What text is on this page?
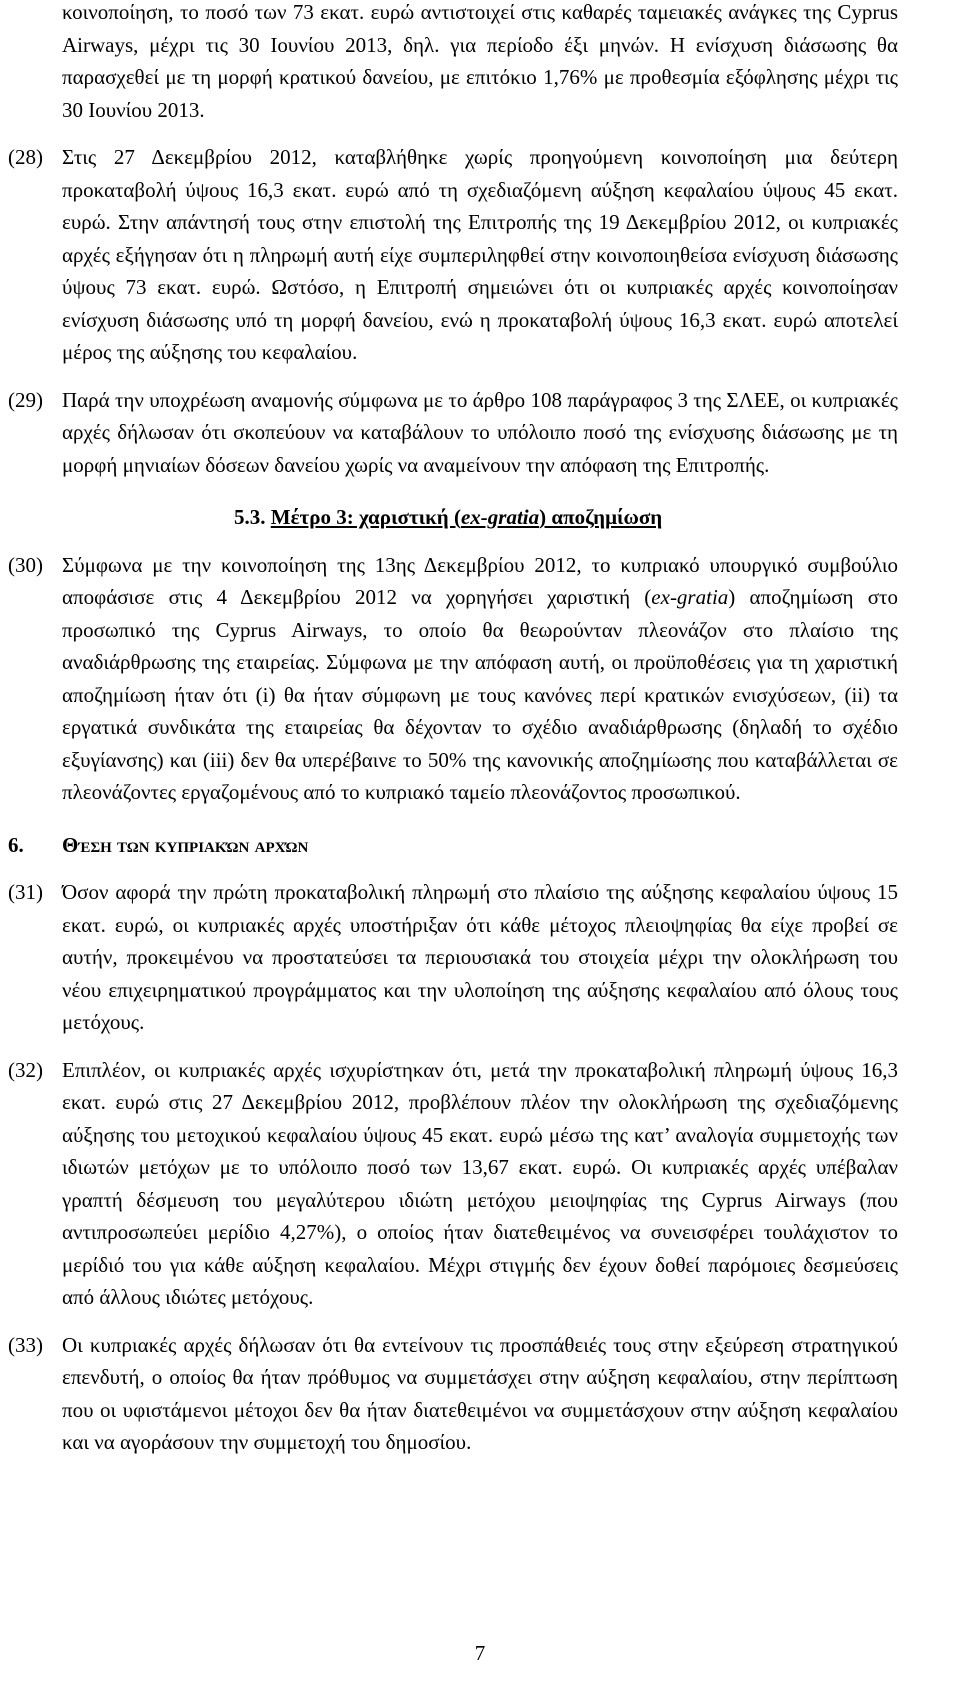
κοινοποίηση, το ποσό των 73 εκατ. ευρώ αντιστοιχεί στις καθαρές ταμειακές ανάγκες της Cyprus Airways, μέχρι τις 30 Ιουνίου 2013, δηλ. για περίοδο έξι μηνών. Η ενίσχυση διάσωσης θα παρασχεθεί με τη μορφή κρατικού δανείου, με επιτόκιο 1,76% με προθεσμία εξόφλησης μέχρι τις 30 Ιουνίου 2013.
(28) Στις 27 Δεκεμβρίου 2012, καταβλήθηκε χωρίς προηγούμενη κοινοποίηση μια δεύτερη προκαταβολή ύψους 16,3 εκατ. ευρώ από τη σχεδιαζόμενη αύξηση κεφαλαίου ύψους 45 εκατ. ευρώ. Στην απάντησή τους στην επιστολή της Επιτροπής της 19 Δεκεμβρίου 2012, οι κυπριακές αρχές εξήγησαν ότι η πληρωμή αυτή είχε συμπεριληφθεί στην κοινοποιηθείσα ενίσχυση διάσωσης ύψους 73 εκατ. ευρώ. Ωστόσο, η Επιτροπή σημειώνει ότι οι κυπριακές αρχές κοινοποίησαν ενίσχυση διάσωσης υπό τη μορφή δανείου, ενώ η προκαταβολή ύψους 16,3 εκατ. ευρώ αποτελεί μέρος της αύξησης του κεφαλαίου.
(29) Παρά την υποχρέωση αναμονής σύμφωνα με το άρθρο 108 παράγραφος 3 της ΣΛΕΕ, οι κυπριακές αρχές δήλωσαν ότι σκοπεύουν να καταβάλουν το υπόλοιπο ποσό της ενίσχυσης διάσωσης με τη μορφή μηνιαίων δόσεων δανείου χωρίς να αναμείνουν την απόφαση της Επιτροπής.
5.3. Μέτρο 3: χαριστική (ex-gratia) αποζημίωση
(30) Σύμφωνα με την κοινοποίηση της 13ης Δεκεμβρίου 2012, το κυπριακό υπουργικό συμβούλιο αποφάσισε στις 4 Δεκεμβρίου 2012 να χορηγήσει χαριστική (ex-gratia) αποζημίωση στο προσωπικό της Cyprus Airways, το οποίο θα θεωρούνταν πλεονάζον στο πλαίσιο της αναδιάρθρωσης της εταιρείας. Σύμφωνα με την απόφαση αυτή, οι προϋποθέσεις για τη χαριστική αποζημίωση ήταν ότι (i) θα ήταν σύμφωνη με τους κανόνες περί κρατικών ενισχύσεων, (ii) τα εργατικά συνδικάτα της εταιρείας θα δέχονταν το σχέδιο αναδιάρθρωσης (δηλαδή το σχέδιο εξυγίανσης) και (iii) δεν θα υπερέβαινε το 50% της κανονικής αποζημίωσης που καταβάλλεται σε πλεονάζοντες εργαζομένους από το κυπριακό ταμείο πλεονάζοντος προσωπικού.
6.	Θέση των κυπριακών αρχών
(31) Όσον αφορά την πρώτη προκαταβολική πληρωμή στο πλαίσιο της αύξησης κεφαλαίου ύψους 15 εκατ. ευρώ, οι κυπριακές αρχές υποστήριξαν ότι κάθε μέτοχος πλειοψηφίας θα είχε προβεί σε αυτήν, προκειμένου να προστατεύσει τα περιουσιακά του στοιχεία μέχρι την ολοκλήρωση του νέου επιχειρηματικού προγράμματος και την υλοποίηση της αύξησης κεφαλαίου από όλους τους μετόχους.
(32) Επιπλέον, οι κυπριακές αρχές ισχυρίστηκαν ότι, μετά την προκαταβολική πληρωμή ύψους 16,3 εκατ. ευρώ στις 27 Δεκεμβρίου 2012, προβλέπουν πλέον την ολοκλήρωση της σχεδιαζόμενης αύξησης του μετοχικού κεφαλαίου ύψους 45 εκατ. ευρώ μέσω της κατ’ αναλογία συμμετοχής των ιδιωτών μετόχων με το υπόλοιπο ποσό των 13,67 εκατ. ευρώ. Οι κυπριακές αρχές υπέβαλαν γραπτή δέσμευση του μεγαλύτερου ιδιώτη μετόχου μειοψηφίας της Cyprus Airways (που αντιπροσωπεύει μερίδιο 4,27%), ο οποίος ήταν διατεθειμένος να συνεισφέρει τουλάχιστον το μερίδιό του για κάθε αύξηση κεφαλαίου. Μέχρι στιγμής δεν έχουν δοθεί παρόμοιες δεσμεύσεις από άλλους ιδιώτες μετόχους.
(33) Οι κυπριακές αρχές δήλωσαν ότι θα εντείνουν τις προσπάθειές τους στην εξεύρεση στρατηγικού επενδυτή, ο οποίος θα ήταν πρόθυμος να συμμετάσχει στην αύξηση κεφαλαίου, στην περίπτωση που οι υφιστάμενοι μέτοχοι δεν θα ήταν διατεθειμένοι να συμμετάσχουν στην αύξηση κεφαλαίου και να αγοράσουν την συμμετοχή του δημοσίου.
7
